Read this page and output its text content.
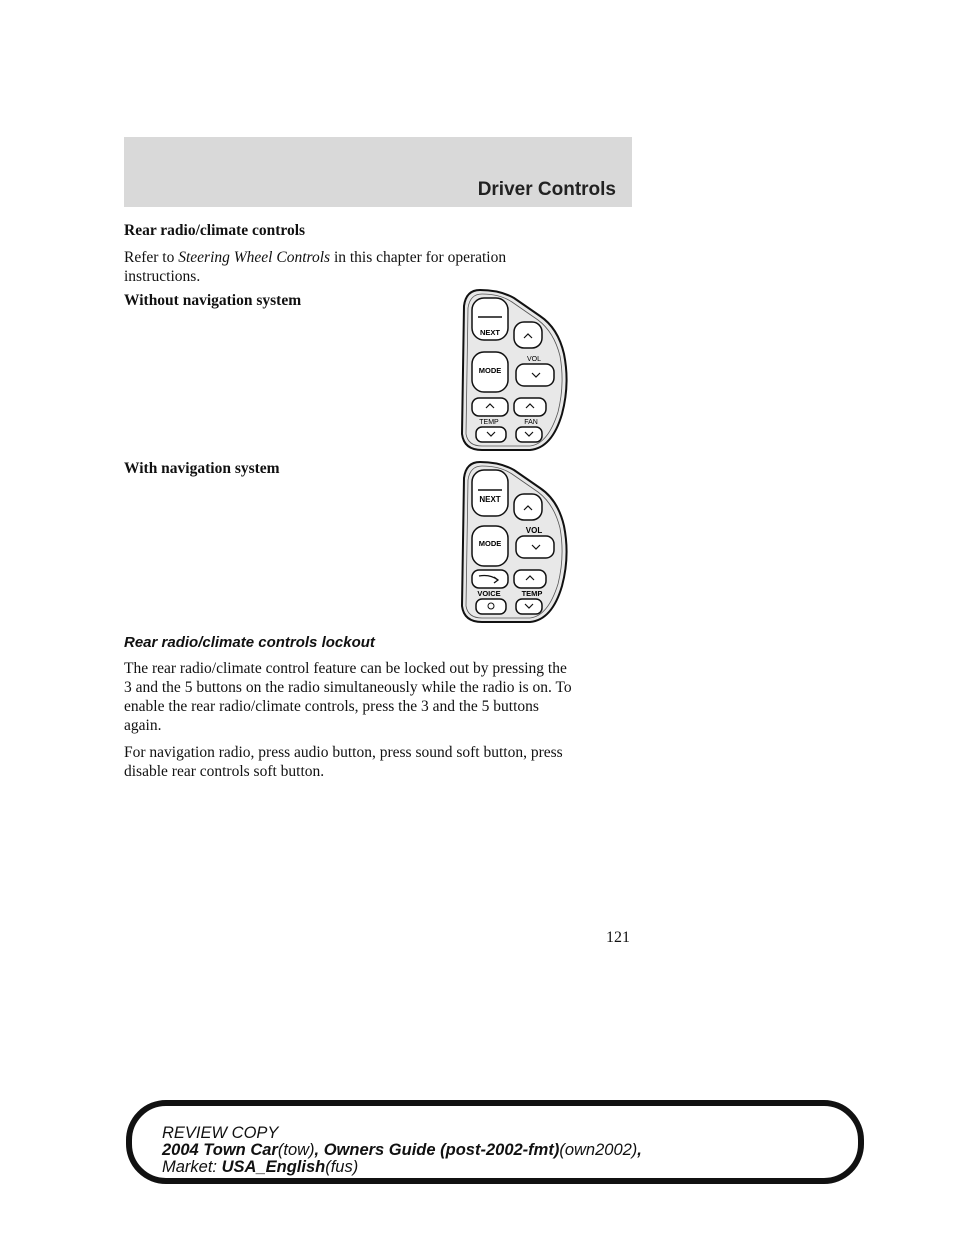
Driver Controls
Rear radio/climate controls
Refer to Steering Wheel Controls in this chapter for operation
instructions.
Without navigation system
NEXT
MODE
VOL
TEMP	FAN
With navigation system
NEXT
MODE
VOL
VOICE	TEMP
Rear radio/climate controls lockout
The rear radio/climate control feature can be locked out by pressing the
3 and the 5 buttons on the radio simultaneously while the radio is on. To
enable the rear radio/climate controls, press the 3 and the 5 buttons
again.
For navigation radio, press audio button, press sound soft button, press
disable rear controls soft button.
121
REVIEW COPY
2004 Town Car(tow), Owners Guide (post-2002-fmt)(own2002),
Market: USA_English(fus)
